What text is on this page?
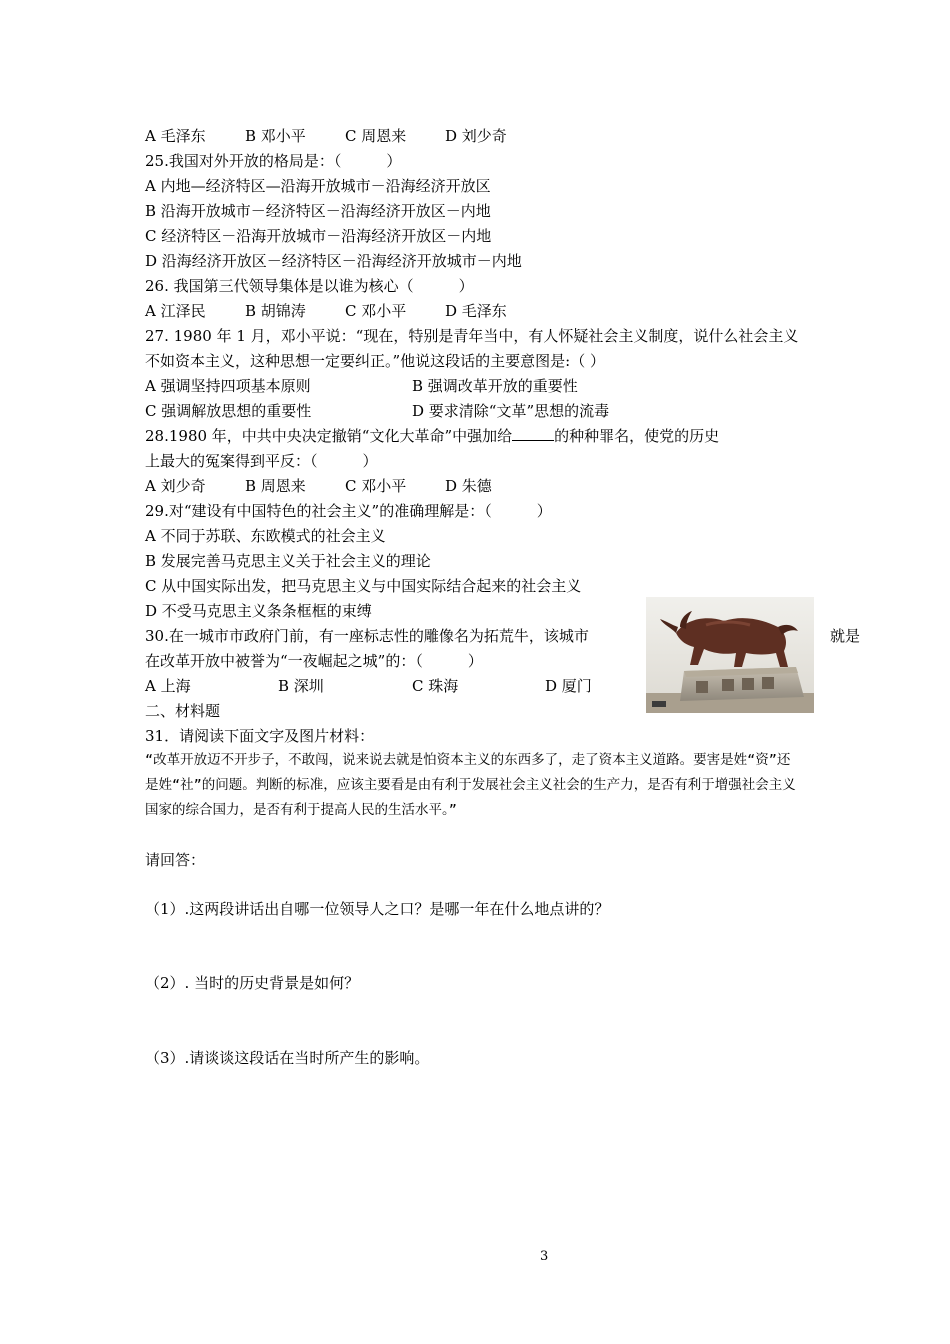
A 毛泽东	B 邓小平	C 周恩来	D 刘少奇
25.我国对外开放的格局是：（　　　）
A 内地—经济特区—沿海开放城市－沿海经济开放区
B 沿海开放城市－经济特区－沿海经济开放区－内地
C 经济特区－沿海开放城市－沿海经济开放区－内地
D 沿海经济开放区－经济特区－沿海经济开放城市－内地
26. 我国第三代领导集体是以谁为核心（　　　）
A 江泽民	B 胡锦涛	C 邓小平	D 毛泽东
27. 1980 年 1 月，邓小平说：“现在，特别是青年当中，有人怀疑社会主义制度，说什么社会主义
不如资本主义，这种思想一定要纠正。”他说这段话的主要意图是:（ ）
A 强调坚持四项基本原则	B 强调改革开放的重要性
C 强调解放思想的重要性	D 要求清除“文革”思想的流毒
28.1980 年，中共中央决定撤销“文化大革命”中强加给	的种种罪名，使党的历史
上最大的冤案得到平反：（　　　）
A 刘少奇	B 周恩来	C 邓小平	D 朱德
29.对“建设有中国特色的社会主义”的准确理解是：（　　　）
A 不同于苏联、东欧模式的社会主义
B 发展完善马克思主义关于社会主义的理论
C 从中国实际出发，把马克思主义与中国实际结合起来的社会主义
D 不受马克思主义条条框框的束缚
30.在一城市市政府门前，有一座标志性的雕像名为拓荒牛，该城市	就是
在改革开放中被誉为“一夜崛起之城”的：（　　　）
A 上海	B 深圳	C 珠海	D 厦门
二、材料题
31．请阅读下面文字及图片材料：
“改革开放迈不开步子，不敢闯，说来说去就是怕资本主义的东西多了，走了资本主义道路。要害是姓“资”还
是姓“社”的问题。判断的标准，应该主要看是由有利于发展社会主义社会的生产力，是否有利于增强社会主义
国家的综合国力，是否有利于提高人民的生活水平。”
请回答：
（1）.这两段讲话出自哪一位领导人之口？是哪一年在什么地点讲的？
（2）. 当时的历史背景是如何？
（3）.请谈谈这段话在当时所产生的影响。
3
